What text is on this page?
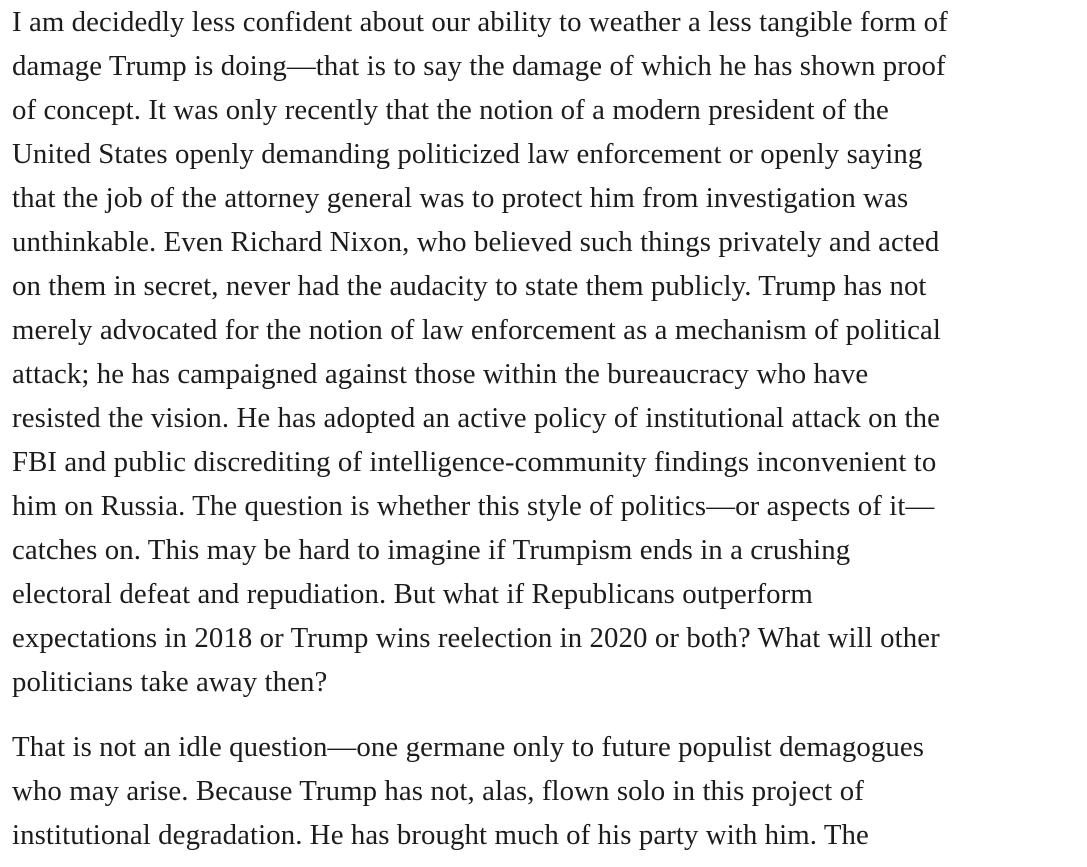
I am decidedly less confident about our ability to weather a less tangible form of
damage Trump is doing—that is to say the damage of which he has shown proof
of concept. It was only recently that the notion of a modern president of the
United States openly demanding politicized law enforcement or openly saying
that the job of the attorney general was to protect him from investigation was
unthinkable. Even Richard Nixon, who believed such things privately and acted
on them in secret, never had the audacity to state them publicly. Trump has not
merely advocated for the notion of law enforcement as a mechanism of political
attack; he has campaigned against those within the bureaucracy who have
resisted the vision. He has adopted an active policy of institutional attack on the
FBI and public discrediting of intelligence-community findings inconvenient to
him on Russia. The question is whether this style of politics—or aspects of it—
catches on. This may be hard to imagine if Trumpism ends in a crushing
electoral defeat and repudiation. But what if Republicans outperform
expectations in 2018 or Trump wins reelection in 2020 or both? What will other
politicians take away then?

That is not an idle question—one germane only to future populist demagogues
who may arise. Because Trump has not, alas, flown solo in this project of
institutional degradation. He has brought much of his party with him. The
